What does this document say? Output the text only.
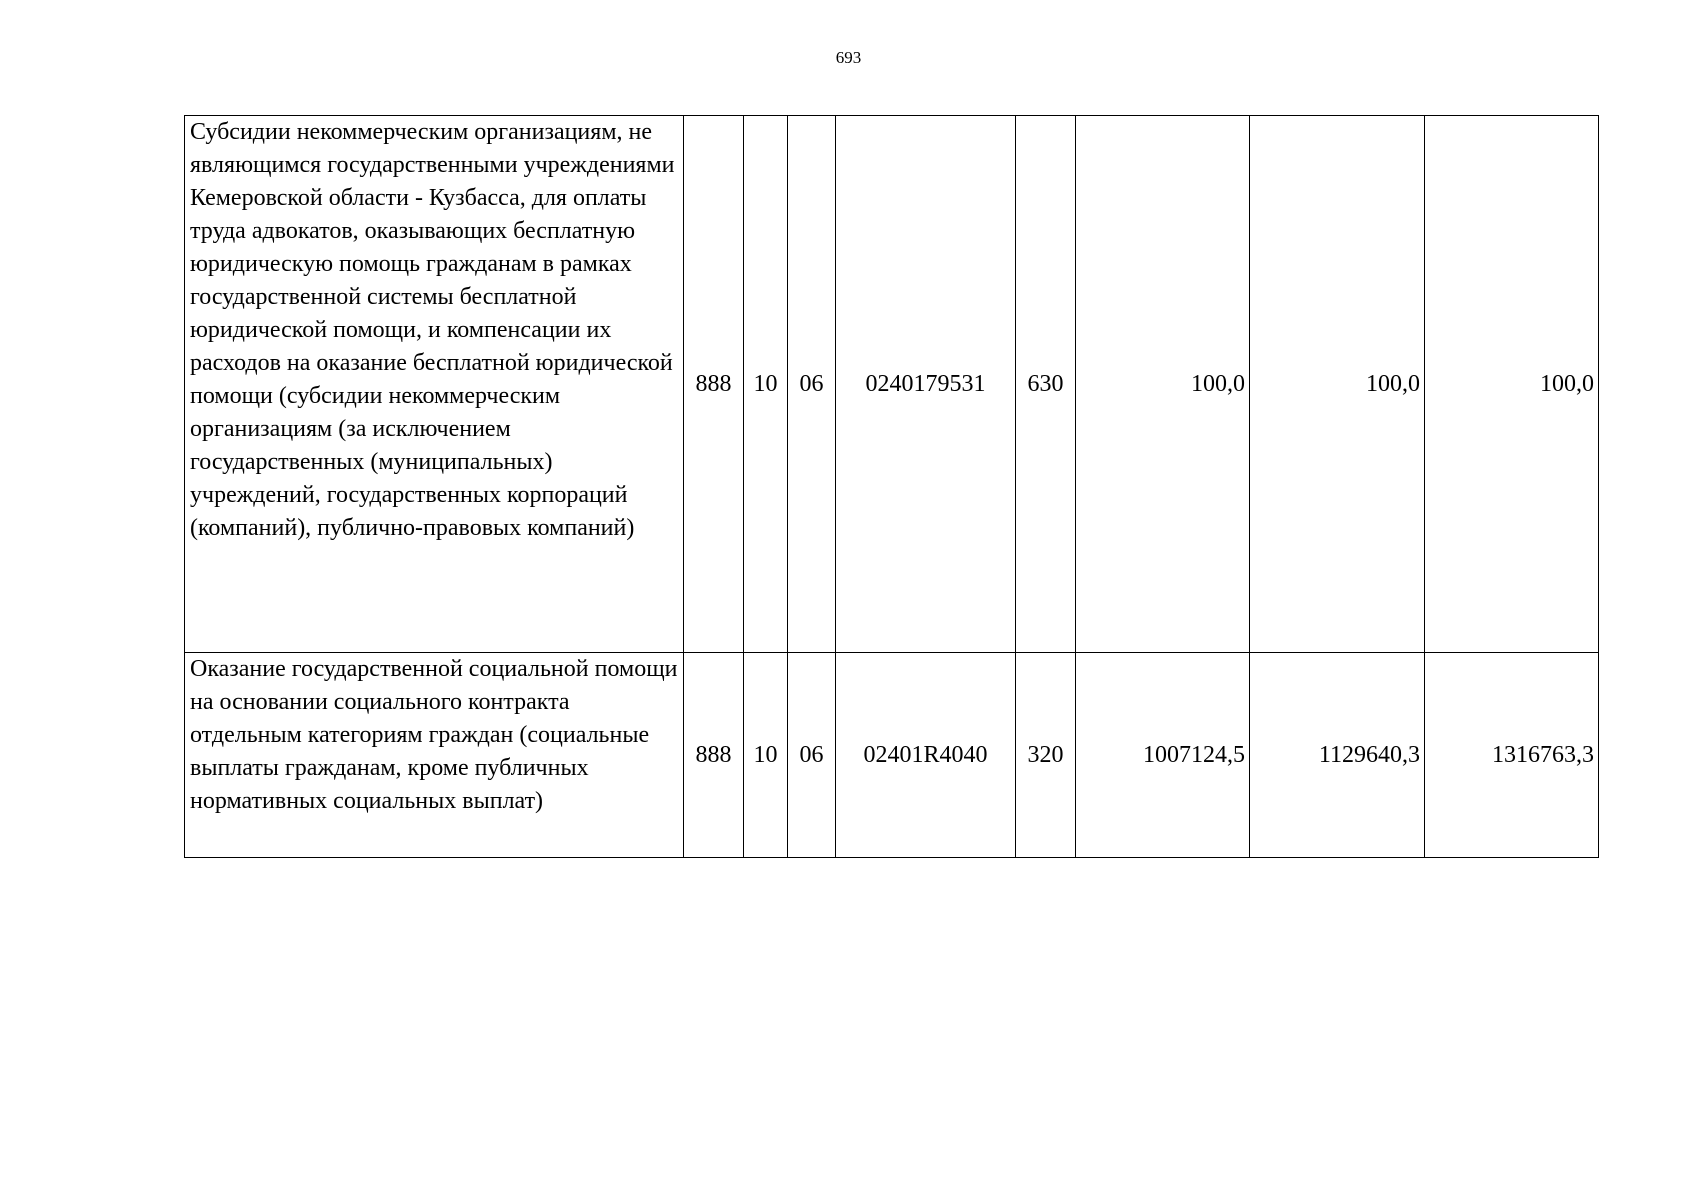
693
Субсидии некоммерческим организациям, не являющимся государственными учреждениями Кемеровской области - Кузбасса, для оплаты труда адвокатов, оказывающих бесплатную юридическую помощь гражданам в рамках государственной системы бесплатной юридической помощи, и компенсации их расходов на оказание бесплатной юридической помощи (субсидии некоммерческим организациям (за исключением государственных (муниципальных) учреждений, государственных корпораций (компаний), публично-правовых компаний)	888	10	06	0240179531	630	100,0	100,0	100,0
Оказание государственной социальной помощи на основании социального контракта отдельным категориям граждан (социальные выплаты гражданам, кроме публичных нормативных социальных выплат)	888	10	06	02401R4040	320	1007124,5	1129640,3	1316763,3
